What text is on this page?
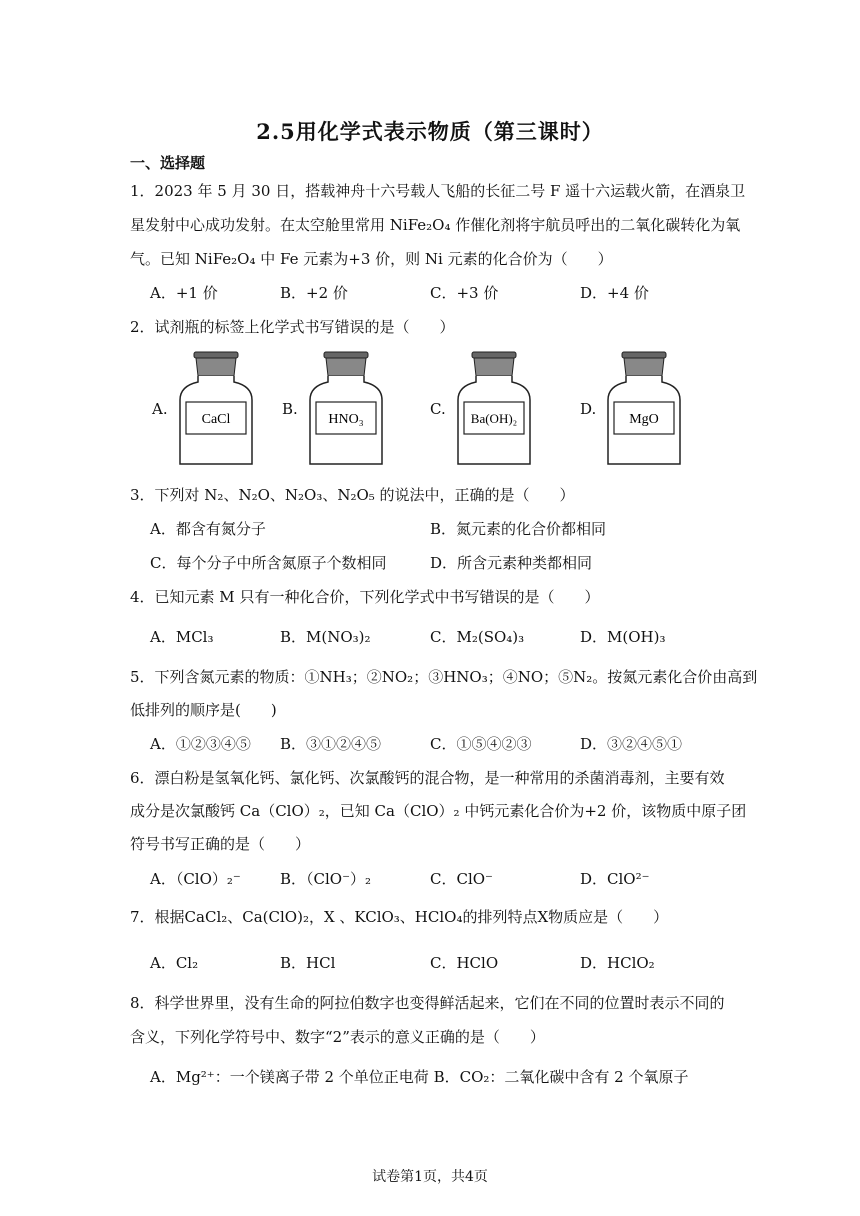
2.5用化学式表示物质（第三课时）
一、选择题
1．2023 年 5 月 30 日，搭载神舟十六号载人飞船的长征二号 F 遥十六运载火箭，在酒泉卫
星发射中心成功发射。在太空舱里常用 NiFe₂O₄ 作催化剂将宇航员呼出的二氧化碳转化为氧
气。已知 NiFe₂O₄ 中 Fe 元素为+3 价，则 Ni 元素的化合价为（　　）
A．+1 价	B．+2 价	C．+3 价	D．+4 价
2．试剂瓶的标签上化学式书写错误的是（　　）
A.	B.	C.	D.
CaCl	HNO₃	Ba(OH)₂	MgO
3．下列对 N₂、N₂O、N₂O₃、N₂O₅ 的说法中，正确的是（　　）
A．都含有氮分子	B．氮元素的化合价都相同
C．每个分子中所含氮原子个数相同	D．所含元素种类都相同
4．已知元素 M 只有一种化合价，下列化学式中书写错误的是（　　）
A．MCl₃	B．M(NO₃)₂	C．M₂(SO₄)₃	D．M(OH)₃
5．下列含氮元素的物质：①NH₃；②NO₂；③HNO₃；④NO；⑤N₂。按氮元素化合价由高到
低排列的顺序是(　　)
A．①②③④⑤ B．③①②④⑤	C．①⑤④②③	D．③②④⑤①
6．漂白粉是氢氧化钙、氯化钙、次氯酸钙的混合物，是一种常用的杀菌消毒剂，主要有效
成分是次氯酸钙 Ca（ClO）₂，已知 Ca（ClO）₂ 中钙元素化合价为+2 价，该物质中原子团
符号书写正确的是（　　）
A．（ClO）₂⁻	B．（ClO⁻）₂	C．ClO⁻	D．ClO²⁻
7．根据CaCl₂、Ca(ClO)₂，X 、KClO₃、HClO₄的排列特点X物质应是（　　）
A．Cl₂	B．HCl	C．HClO	D．HClO₂
8．科学世界里，没有生命的阿拉伯数字也变得鲜活起来，它们在不同的位置时表示不同的
含义，下列化学符号中、数字“2”表示的意义正确的是（　　）
A．Mg²⁺：一个镁离子带 2 个单位正电荷 B．CO₂：二氧化碳中含有 2 个氧原子
试卷第1页，共4页
